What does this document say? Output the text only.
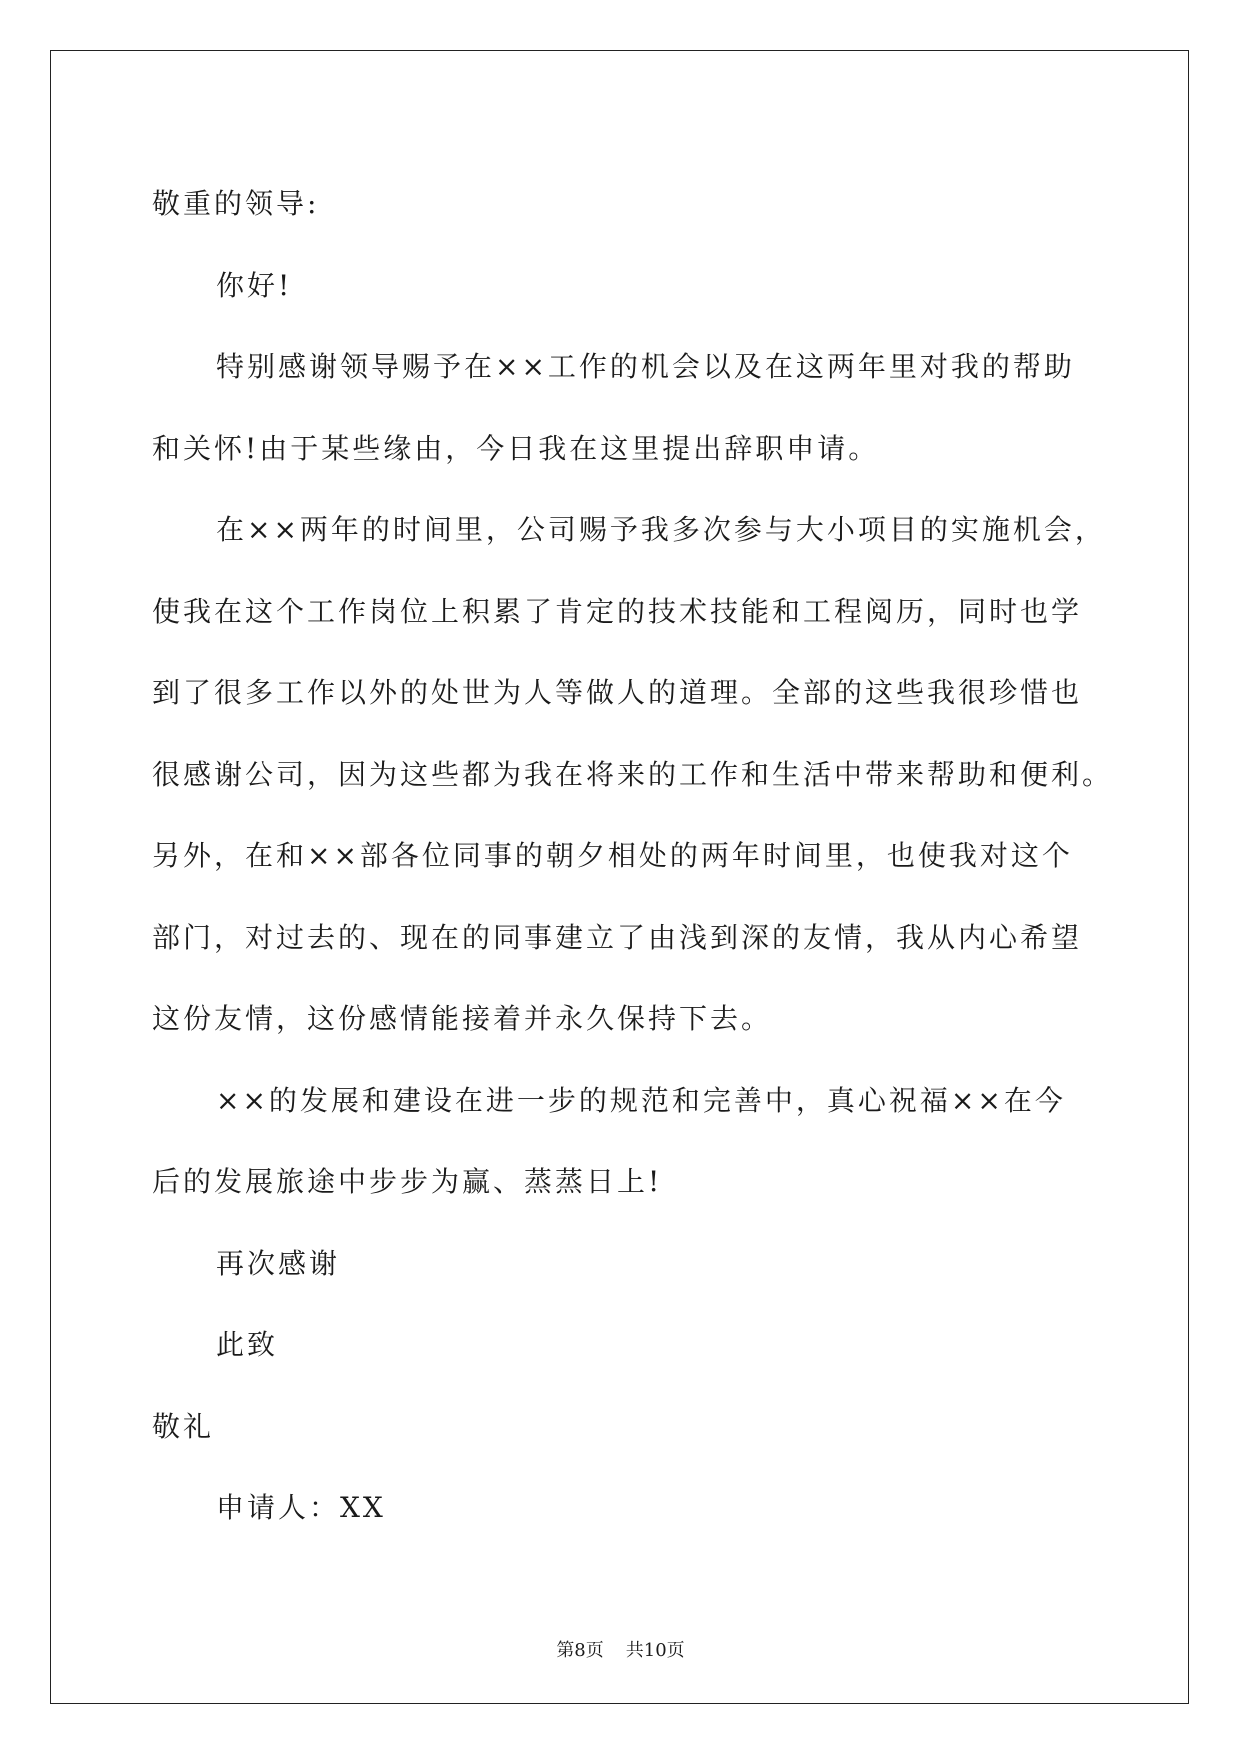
敬重的领导:
你好!
特别感谢领导赐予在××工作的机会以及在这两年里对我的帮助
和关怀!由于某些缘由，今日我在这里提出辞职申请。
在××两年的时间里，公司赐予我多次参与大小项目的实施机会，
使我在这个工作岗位上积累了肯定的技术技能和工程阅历，同时也学
到了很多工作以外的处世为人等做人的道理。全部的这些我很珍惜也
很感谢公司，因为这些都为我在将来的工作和生活中带来帮助和便利。
另外，在和××部各位同事的朝夕相处的两年时间里，也使我对这个
部门，对过去的、现在的同事建立了由浅到深的友情，我从内心希望
这份友情，这份感情能接着并永久保持下去。
××的发展和建设在进一步的规范和完善中，真心祝福××在今
后的发展旅途中步步为赢、蒸蒸日上!
再次感谢
此致
敬礼
申请人：XX
第8页 共10页
